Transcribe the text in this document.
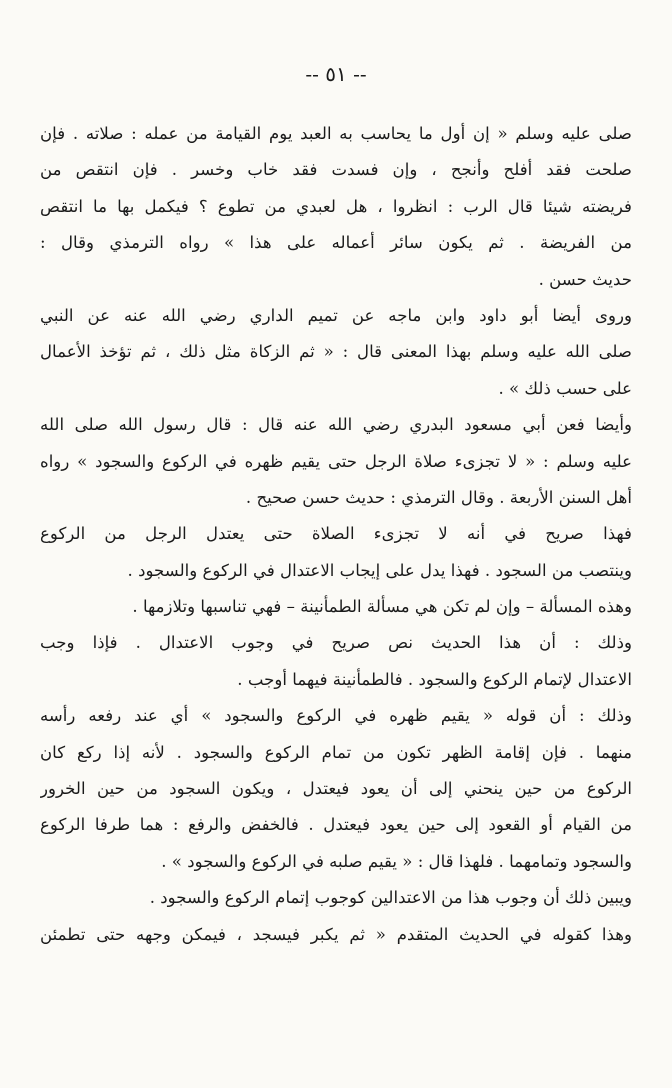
-- ٥١ --
صلى عليه وسلم « إن أول ما يحاسب به العبد يوم القيامة من عمله : صلاته . فإن
صلحت فقد أفلح وأنجح ، وإن فسدت فقد خاب وخسر . فإن انتقص من
فريضته شيئا قال الرب : انظروا ، هل لعبدي من تطوع ؟ فيكمل بها ما انتقص
من الفريضة . ثم يكون سائر أعماله على هذا » رواه الترمذي وقال :
حديث حسن .
وروى أيضا أبو داود وابن ماجه عن تميم الداري رضي الله عنه عن النبي
صلى الله عليه وسلم بهذا المعنى قال : « ثم الزكاة مثل ذلك ، ثم تؤخذ الأعمال
على حسب ذلك » .
وأيضا فعن أبي مسعود البدري رضي الله عنه قال : قال رسول الله صلى الله
عليه وسلم : « لا تجزىء صلاة الرجل حتى يقيم ظهره في الركوع والسجود » رواه
أهل السنن الأربعة . وقال الترمذي : حديث حسن صحيح .
فهذا صريح في أنه لا تجزىء الصلاة حتى يعتدل الرجل من الركوع
وينتصب من السجود . فهذا يدل على إيجاب الاعتدال في الركوع والسجود .
وهذه المسألة – وإن لم تكن هي مسألة الطمأنينة – فهي تناسبها وتلازمها .
وذلك : أن هذا الحديث نص صريح في وجوب الاعتدال . فإذا وجب
الاعتدال لإتمام الركوع والسجود . فالطمأنينة فيهما أوجب .
وذلك : أن قوله « يقيم ظهره في الركوع والسجود » أي عند رفعه رأسه
منهما . فإن إقامة الظهر تكون من تمام الركوع والسجود . لأنه إذا ركع كان
الركوع من حين ينحني إلى أن يعود فيعتدل ، ويكون السجود من حين الخرور
من القيام أو القعود إلى حين يعود فيعتدل . فالخفض والرفع : هما طرفا الركوع
والسجود وتمامهما . فلهذا قال : « يقيم صلبه في الركوع والسجود » .
ويبين ذلك أن وجوب هذا من الاعتدالين كوجوب إتمام الركوع والسجود .
وهذا كقوله في الحديث المتقدم « ثم يكبر فيسجد ، فيمكن وجهه حتى تطمئن
